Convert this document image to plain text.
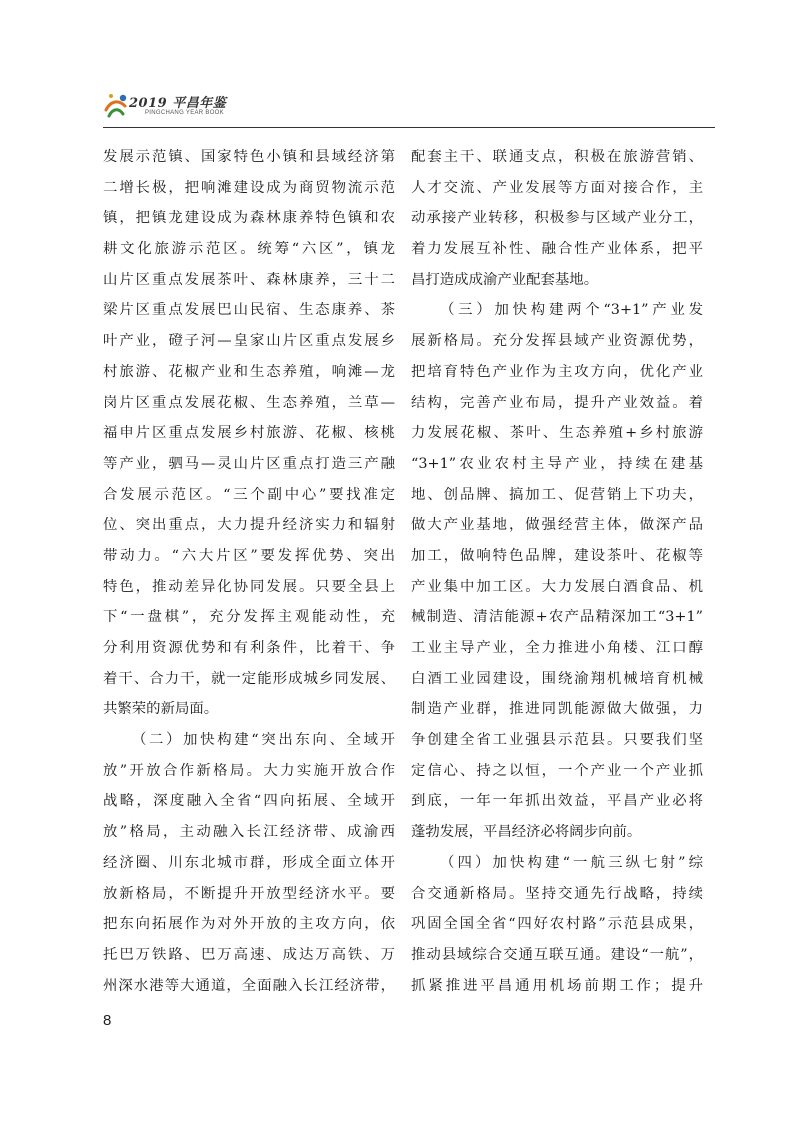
2019 平昌年鉴
PINGCHANG YEAR BOOK
发展示范镇、国家特色小镇和县域经济第
二增长极，把响滩建设成为商贸物流示范
镇，把镇龙建设成为森林康养特色镇和农
耕文化旅游示范区。统筹“六区”，镇龙
山片区重点发展茶叶、森林康养，三十二
梁片区重点发展巴山民宿、生态康养、茶
叶产业，磴子河—皇家山片区重点发展乡
村旅游、花椒产业和生态养殖，响滩—龙
岗片区重点发展花椒、生态养殖，兰草—
福申片区重点发展乡村旅游、花椒、核桃
等产业，驷马—灵山片区重点打造三产融
合发展示范区。“三个副中心”要找准定
位、突出重点，大力提升经济实力和辐射
带动力。“六大片区”要发挥优势、突出
特色，推动差异化协同发展。只要全县上
下“一盘棋”，充分发挥主观能动性，充
分利用资源优势和有利条件，比着干、争
着干、合力干，就一定能形成城乡同发展、
共繁荣的新局面。
（二）加快构建“突出东向、全域开
放”开放合作新格局。大力实施开放合作
战略，深度融入全省“四向拓展、全域开
放”格局，主动融入长江经济带、成渝西
经济圈、川东北城市群，形成全面立体开
放新格局，不断提升开放型经济水平。要
把东向拓展作为对外开放的主攻方向，依
托巴万铁路、巴万高速、成达万高铁、万
州深水港等大通道，全面融入长江经济带，
配套主干、联通支点，积极在旅游营销、
人才交流、产业发展等方面对接合作，主
动承接产业转移，积极参与区域产业分工，
着力发展互补性、融合性产业体系，把平
昌打造成成渝产业配套基地。
（三）加快构建两个“3+1”产业发
展新格局。充分发挥县域产业资源优势，
把培育特色产业作为主攻方向，优化产业
结构，完善产业布局，提升产业效益。着
力发展花椒、茶叶、生态养殖+乡村旅游
“3+1”农业农村主导产业，持续在建基
地、创品牌、搞加工、促营销上下功夫，
做大产业基地，做强经营主体，做深产品
加工，做响特色品牌，建设茶叶、花椒等
产业集中加工区。大力发展白酒食品、机
械制造、清洁能源+农产品精深加工“3+1”
工业主导产业，全力推进小角楼、江口醇
白酒工业园建设，围绕渝翔机械培育机械
制造产业群，推进同凯能源做大做强，力
争创建全省工业强县示范县。只要我们坚
定信心、持之以恒，一个产业一个产业抓
到底，一年一年抓出效益，平昌产业必将
蓬勃发展，平昌经济必将阔步向前。
（四）加快构建“一航三纵七射”综
合交通新格局。坚持交通先行战略，持续
巩固全国全省“四好农村路”示范县成果，
推动县域综合交通互联互通。建设“一航”，
抓紧推进平昌通用机场前期工作；提升
8
